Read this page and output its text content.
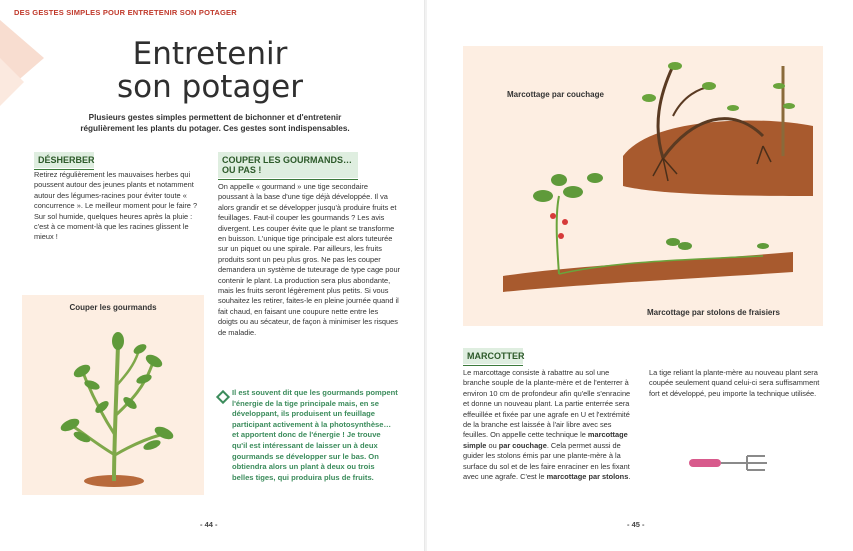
DES GESTES SIMPLES POUR ENTRETENIR SON POTAGER
Entretenir
son potager
Plusieurs gestes simples permettent de bichonner et d'entretenir régulièrement les plants du potager. Ces gestes sont indispensables.
DÉSHERBER
Retirez régulièrement les mauvaises herbes qui poussent autour des jeunes plants et notamment autour des légumes-racines pour éviter toute « concurrence ». Le meilleur moment pour le faire ? Sur sol humide, quelques heures après la pluie : c'est à ce moment-là que les racines glissent le mieux !
COUPER LES GOURMANDS…
OU PAS !
On appelle « gourmand » une tige secondaire poussant à la base d'une tige déjà développée. Il va alors grandir et se développer jusqu'à produire fruits et feuillages. Faut-il couper les gourmands ? Les avis divergent. Les couper évite que le plant se transforme en buisson. L'unique tige principale est alors tuteurée sur un piquet ou une spirale. Par ailleurs, les fruits produits sont un peu plus gros. Ne pas les couper demandera un système de tuteurage de type cage pour contenir le plant. La production sera plus abondante, mais les fruits seront légèrement plus petits. Si vous souhaitez les retirer, faites-le en pleine journée quand il fait chaud, en faisant une coupure nette entre les doigts ou au sécateur, de façon à minimiser les risques de maladie.
Couper les gourmands
Il est souvent dit que les gourmands pompent l'énergie de la tige principale mais, en se développant, ils produisent un feuillage participant activement à la photosynthèse… et apportent donc de l'énergie ! Je trouve qu'il est intéressant de laisser un à deux gourmands se développer sur le bas. On obtiendra alors un plant à deux ou trois belles tiges, qui produira plus de fruits.
- 44 -
Marcottage par couchage
Marcottage par stolons de fraisiers
MARCOTTER
Le marcottage consiste à rabattre au sol une branche souple de la plante-mère et de l'enterrer à environ 10 cm de profondeur afin qu'elle s'enracine et donne un nouveau plant. La partie enterrée sera effeuillée et fixée par une agrafe en U et l'extrémité de la branche est laissée à l'air libre avec ses feuilles. On appelle cette technique le marcottage simple ou par couchage. Cela permet aussi de guider les stolons émis par une plante-mère à la surface du sol et de les faire enraciner en les fixant avec une agrafe. C'est le marcottage par stolons.
La tige reliant la plante-mère au nouveau plant sera coupée seulement quand celui-ci sera suffisamment fort et développé, peu importe la technique utilisée.
- 45 -
